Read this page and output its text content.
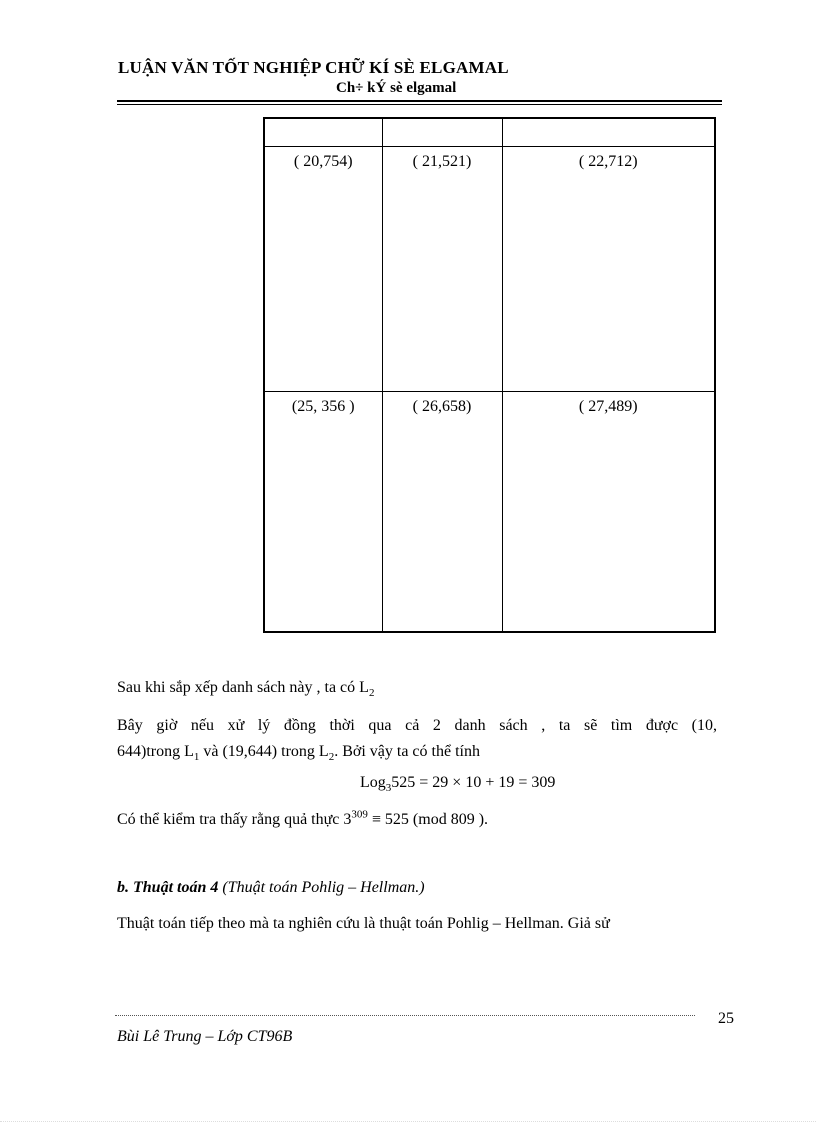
LUẬN VĂN TỐT NGHIỆP CHỮ KÍ SÈ ELGAMAL
Ch÷ kÝ sè elgamal

( 20,754)	( 21,521)	( 22,712)
(25, 356 )	( 26,658)	( 27,489)
Sau khi sắp xếp danh sách này , ta có $L_2$
Bây giờ nếu xử lý đồng thời qua cả 2 danh sách , ta sẽ tìm được (10,
644)trong $L_1$ và (19,644) trong $L_2$. Bởi vậy ta có thể tính
Log$_3$525 = 29 × 10 + 19 = 309
Có thể kiểm tra thấy rằng quả thực $3^{309} \equiv 525$ (mod 809 ).
b. Thuật toán 4 (Thuật toán Pohlig – Hellman.)
Thuật toán tiếp theo mà ta nghiên cứu là thuật toán Pohlig – Hellman. Giả sử
25
Bùi Lê Trung – Lớp CT96B
